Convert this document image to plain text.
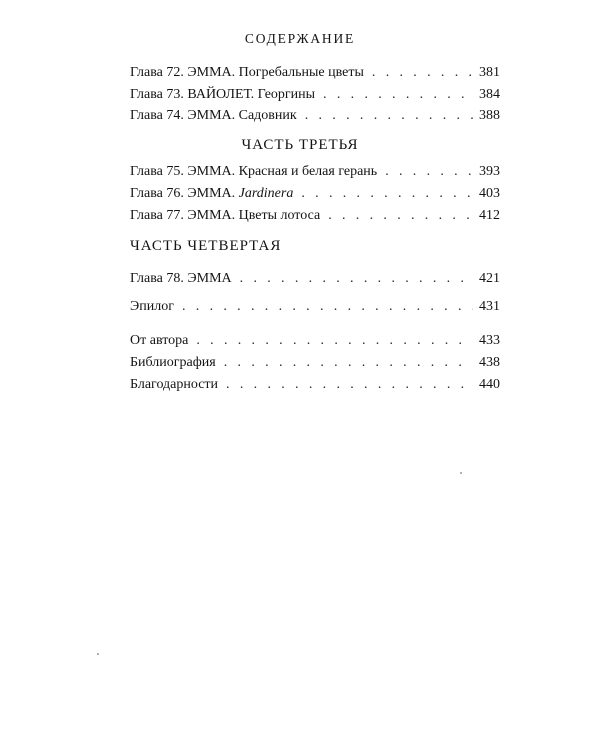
СОДЕРЖАНИЕ
Глава 72. ЭММА. Погребальные цветы . . .	381
Глава 73. ВАЙОЛЕТ. Георгины . . .	384
Глава 74. ЭММА. Садовник . . .	388
ЧАСТЬ ТРЕТЬЯ
Глава 75. ЭММА. Красная и белая герань . . .	393
Глава 76. ЭММА. Jardinera . . .	403
Глава 77. ЭММА. Цветы лотоса . . .	412
ЧАСТЬ ЧЕТВЕРТАЯ
Глава 78. ЭММА . . .	421
Эпилог . . .	431
От автора . . .	433
Библиография . . .	438
Благодарности . . .	440
